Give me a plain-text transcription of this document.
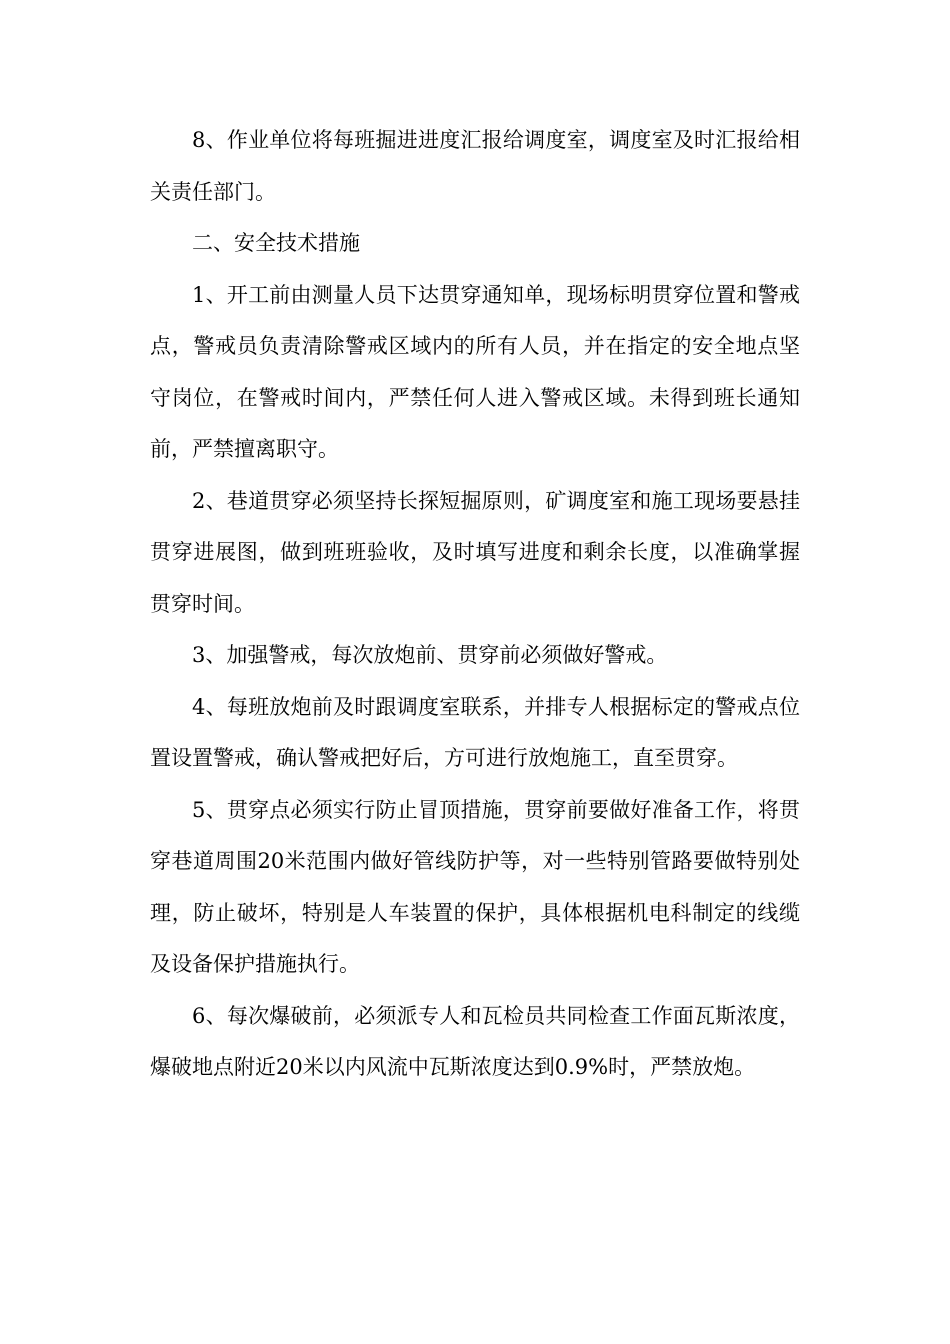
8、作业单位将每班掘进进度汇报给调度室，调度室及时汇报给相关责任部门。

二、安全技术措施

1、开工前由测量人员下达贯穿通知单，现场标明贯穿位置和警戒点，警戒员负责清除警戒区域内的所有人员，并在指定的安全地点坚守岗位，在警戒时间内，严禁任何人进入警戒区域。未得到班长通知前，严禁擅离职守。

2、巷道贯穿必须坚持长探短掘原则，矿调度室和施工现场要悬挂贯穿进展图，做到班班验收，及时填写进度和剩余长度，以准确掌握贯穿时间。

3、加强警戒，每次放炮前、贯穿前必须做好警戒。

4、每班放炮前及时跟调度室联系，并排专人根据标定的警戒点位置设置警戒，确认警戒把好后，方可进行放炮施工，直至贯穿。

5、贯穿点必须实行防止冒顶措施，贯穿前要做好准备工作，将贯穿巷道周围20米范围内做好管线防护等，对一些特别管路要做特别处理，防止破坏，特别是人车装置的保护，具体根据机电科制定的线缆及设备保护措施执行。

6、每次爆破前，必须派专人和瓦检员共同检查工作面瓦斯浓度，爆破地点附近20米以内风流中瓦斯浓度达到0.9%时，严禁放炮。
